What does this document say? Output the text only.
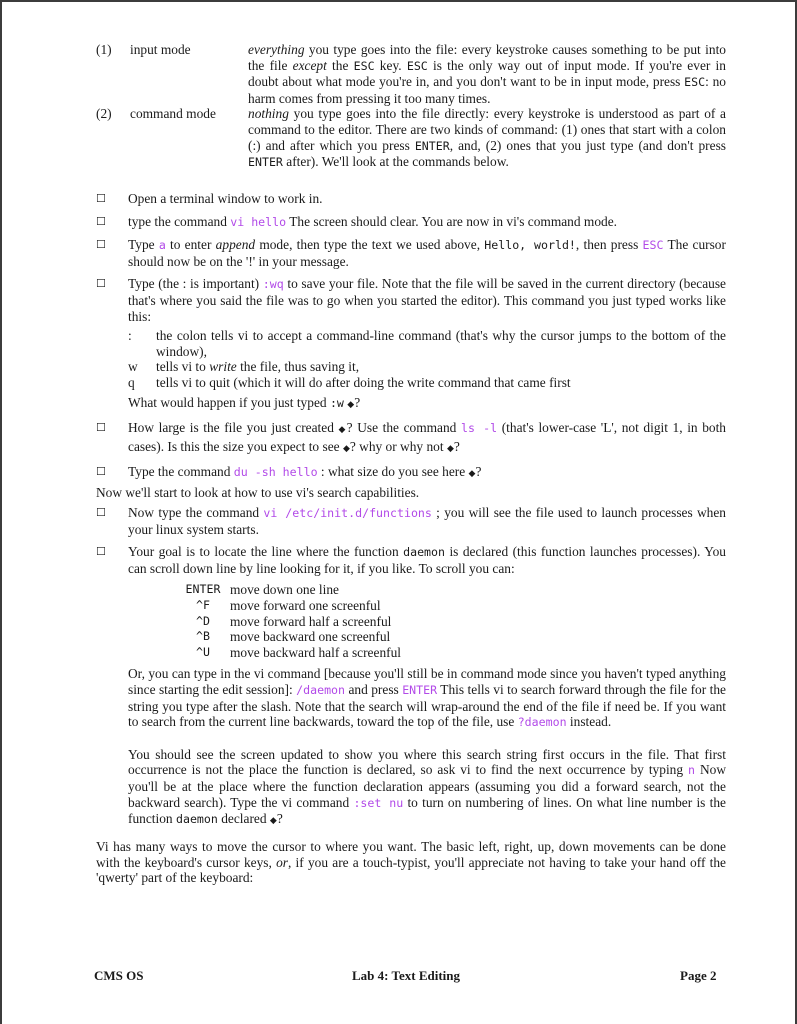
(1)	input mode	everything you type goes into the file: every keystroke causes something to be put into the file except the ESC key. ESC is the only way out of input mode. If you're ever in doubt about what mode you're in, and you don't want to be in input mode, press ESC: no harm comes from pressing it too many times.
(2)	command mode	nothing you type goes into the file directly: every keystroke is understood as part of a command to the editor. There are two kinds of command: (1) ones that start with a colon (:) and after which you press ENTER, and, (2) ones that you just type (and don't press ENTER after). We'll look at the commands below.
☐	Open a terminal window to work in.
☐	type the command vi hello The screen should clear. You are now in vi's command mode.
☐	Type a to enter append mode, then type the text we used above, Hello, world!, then press ESC The cursor should now be on the '!' in your message.
☐	Type (the : is important) :wq to save your file. Note that the file will be saved in the current directory (because that's where you said the file was to go when you started the editor). This command you just typed works like this:
:	the colon tells vi to accept a command-line command (that's why the cursor jumps to the bottom of the window),
w	tells vi to write the file, thus saving it,
q	tells vi to quit (which it will do after doing the write command that came first
What would happen if you just typed :w ◆?
☐	How large is the file you just created ◆? Use the command ls -l (that's lower-case 'L', not digit 1, in both cases). Is this the size you expect to see ◆? why or why not ◆?
☐	Type the command du -sh hello : what size do you see here ◆?
Now we'll start to look at how to use vi's search capabilities.
☐	Now type the command vi /etc/init.d/functions ; you will see the file used to launch processes when your linux system starts.
☐	Your goal is to locate the line where the function daemon is declared (this function launches processes). You can scroll down line by line looking for it, if you like. To scroll you can:
ENTER move down one line
^F	move forward one screenful
^D	move forward half a screenful
^B	move backward one screenful
^U	move backward half a screenful
Or, you can type in the vi command [because you'll still be in command mode since you haven't typed anything since starting the edit session]: /daemon and press ENTER This tells vi to search forward through the file for the string you type after the slash. Note that the search will wrap-around the end of the file if need be. If you want to search from the current line backwards, toward the top of the file, use ?daemon instead.
You should see the screen updated to show you where this search string first occurs in the file. That first occurrence is not the place the function is declared, so ask vi to find the next occurrence by typing n Now you'll be at the place where the function declaration appears (assuming you did a forward search, not the backward search). Type the vi command :set nu to turn on numbering of lines. On what line number is the function daemon declared ◆?
Vi has many ways to move the cursor to where you want. The basic left, right, up, down movements can be done with the keyboard's cursor keys, or, if you are a touch-typist, you'll appreciate not having to take your hand off the 'qwerty' part of the keyboard:
CMS OS	Lab 4: Text Editing	Page 2
